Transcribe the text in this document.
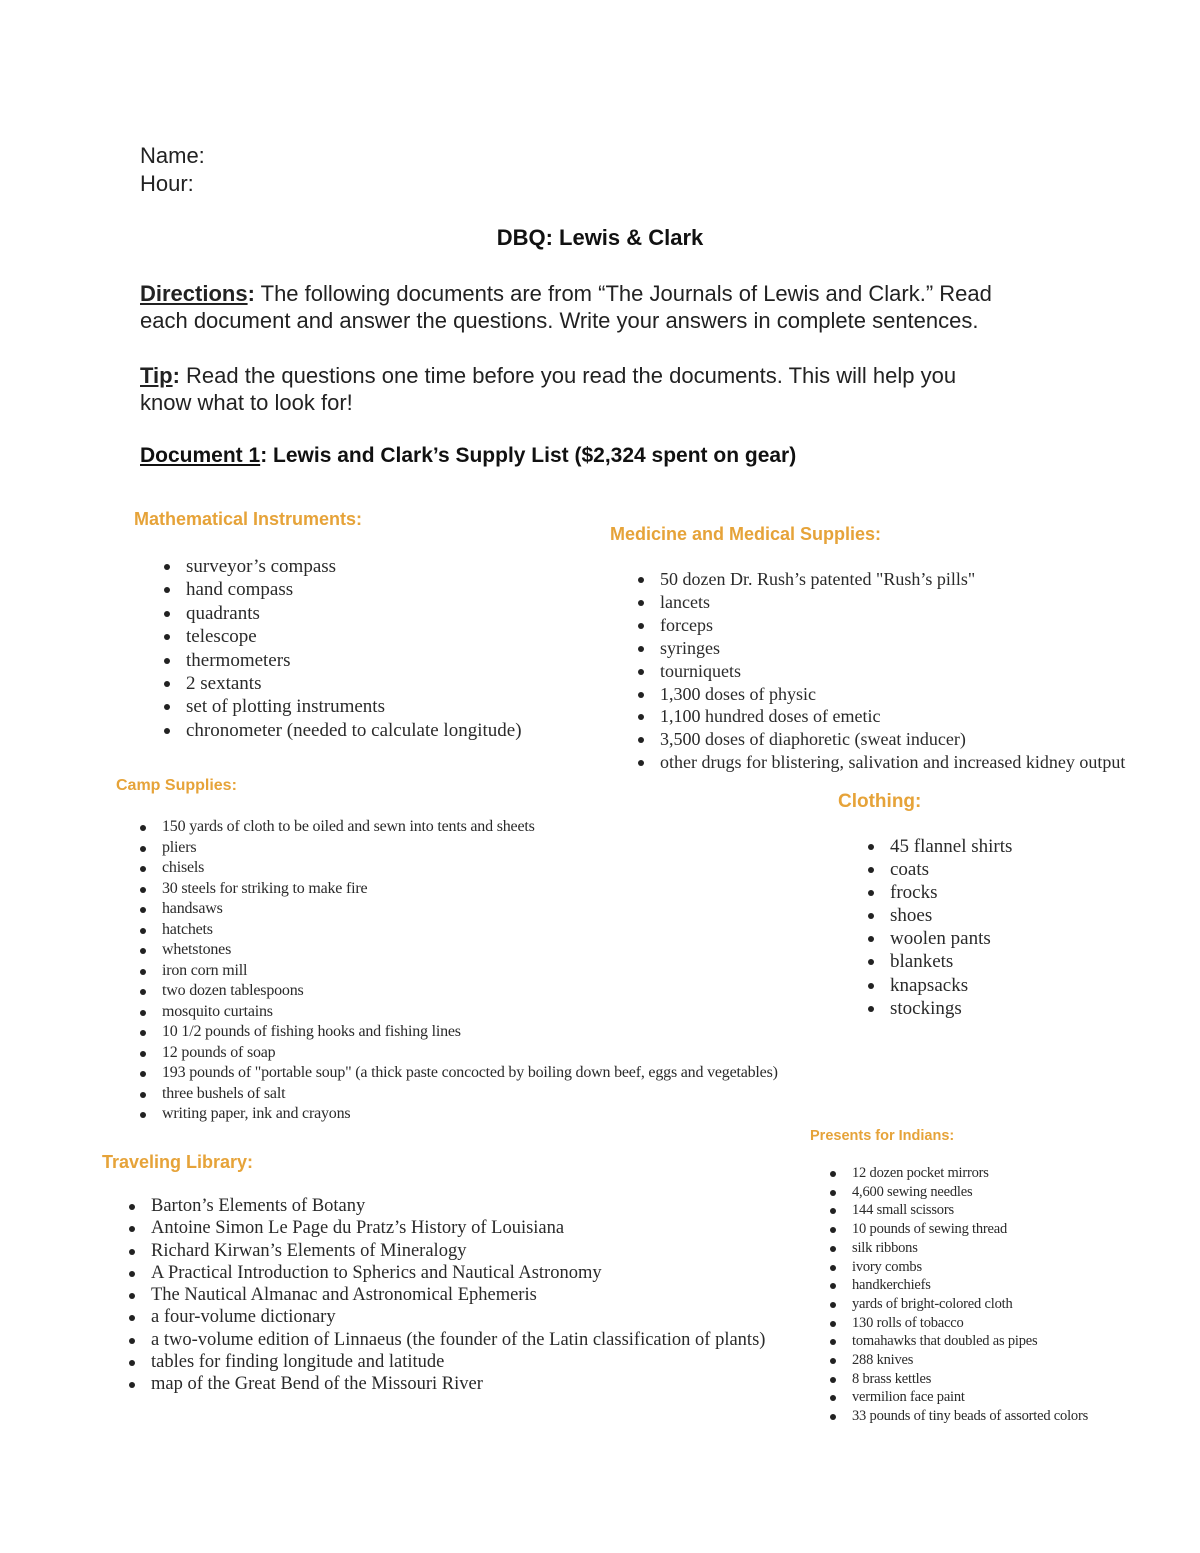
Name:
Hour:
DBQ: Lewis & Clark
Directions: The following documents are from “The Journals of Lewis and Clark.” Read
each document and answer the questions. Write your answers in complete sentences.
Tip: Read the questions one time before you read the documents. This will help you
know what to look for!
Document 1: Lewis and Clark’s Supply List ($2,324 spent on gear)
Mathematical Instruments:
surveyor’s compass
hand compass
quadrants
telescope
thermometers
2 sextants
set of plotting instruments
chronometer (needed to calculate longitude)
Medicine and Medical Supplies:
50 dozen Dr. Rush’s patented "Rush’s pills"
lancets
forceps
syringes
tourniquets
1,300 doses of physic
1,100 hundred doses of emetic
3,500 doses of diaphoretic (sweat inducer)
other drugs for blistering, salivation and increased kidney output
Camp Supplies:
150 yards of cloth to be oiled and sewn into tents and sheets
pliers
chisels
30 steels for striking to make fire
handsaws
hatchets
whetstones
iron corn mill
two dozen tablespoons
mosquito curtains
10 1/2 pounds of fishing hooks and fishing lines
12 pounds of soap
193 pounds of "portable soup" (a thick paste concocted by boiling down beef, eggs and vegetables)
three bushels of salt
writing paper, ink and crayons
Clothing:
45 flannel shirts
coats
frocks
shoes
woolen pants
blankets
knapsacks
stockings
Traveling Library:
Barton’s Elements of Botany
Antoine Simon Le Page du Pratz’s History of Louisiana
Richard Kirwan’s Elements of Mineralogy
A Practical Introduction to Spherics and Nautical Astronomy
The Nautical Almanac and Astronomical Ephemeris
a four-volume dictionary
a two-volume edition of Linnaeus (the founder of the Latin classification of plants)
tables for finding longitude and latitude
map of the Great Bend of the Missouri River
Presents for Indians:
12 dozen pocket mirrors
4,600 sewing needles
144 small scissors
10 pounds of sewing thread
silk ribbons
ivory combs
handkerchiefs
yards of bright-colored cloth
130 rolls of tobacco
tomahawks that doubled as pipes
288 knives
8 brass kettles
vermilion face paint
33 pounds of tiny beads of assorted colors
